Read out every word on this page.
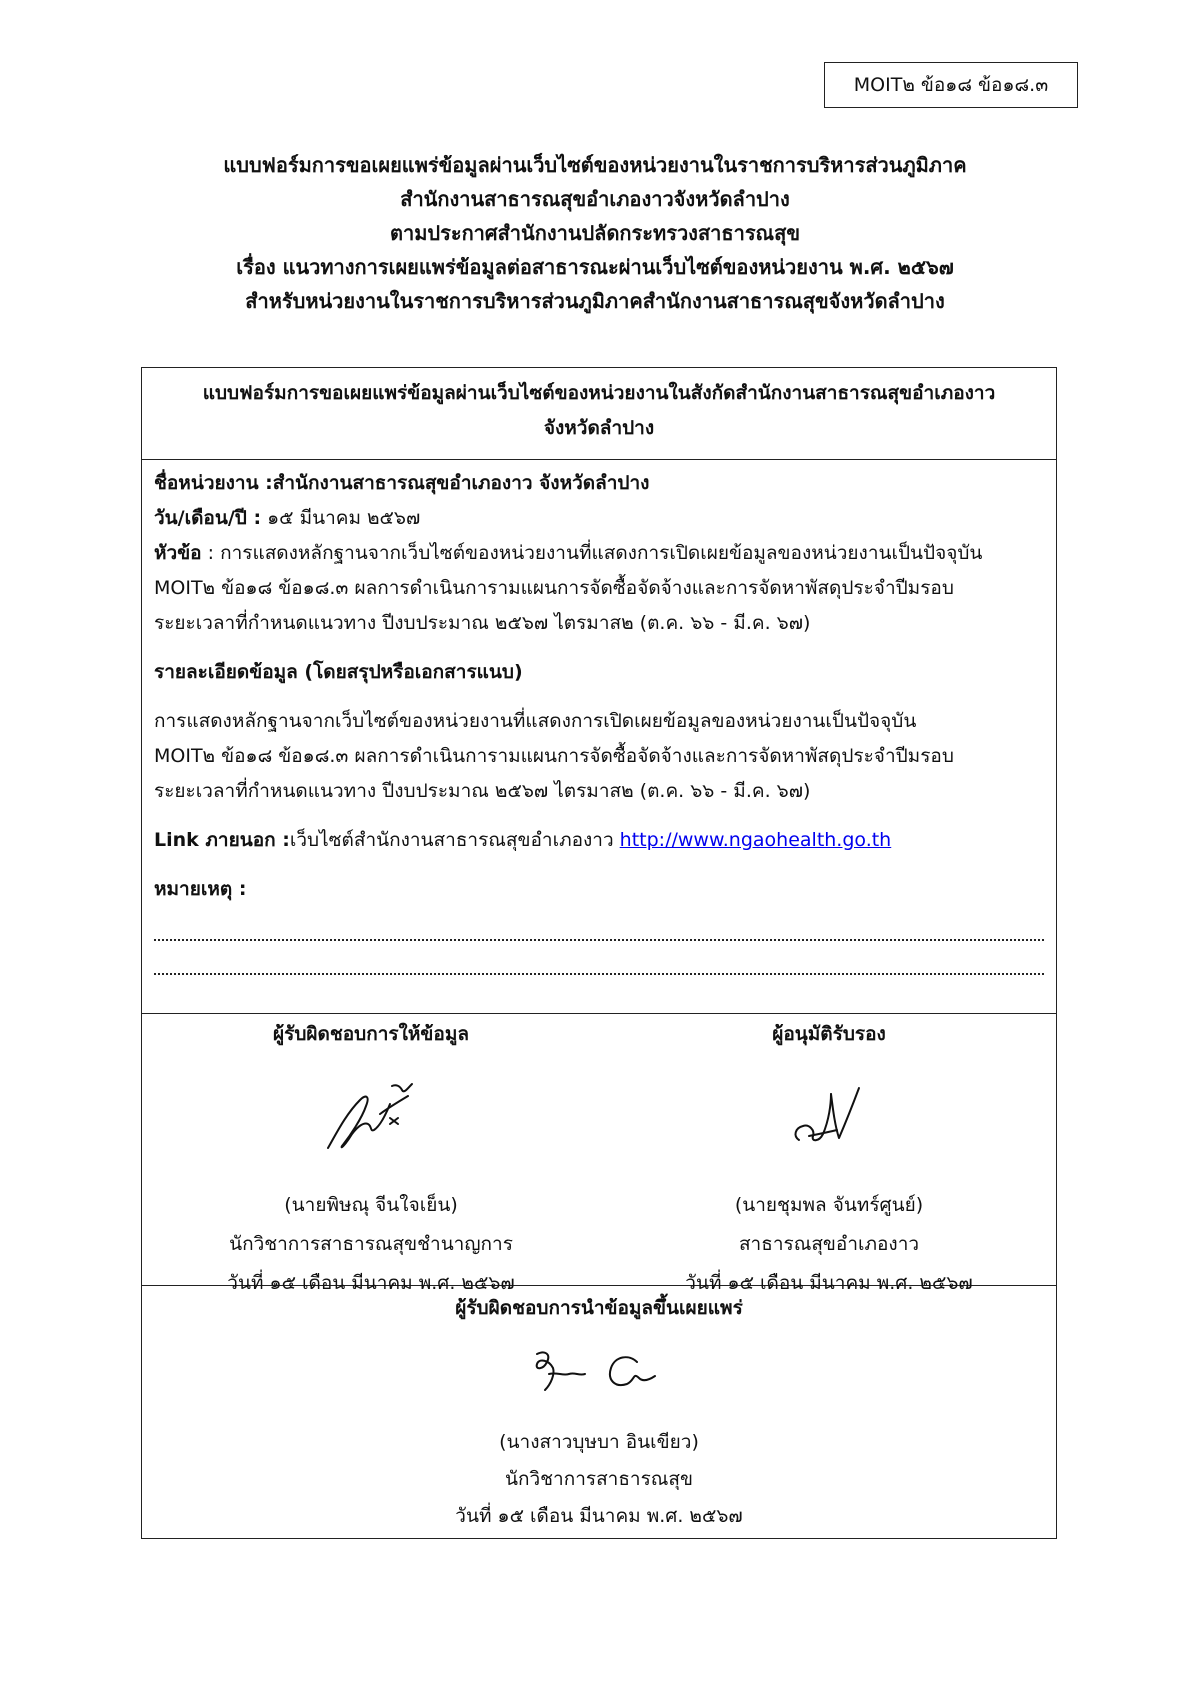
MOIT๒ ข้อ๑๘ ข้อ๑๘.๓
แบบฟอร์มการขอเผยแพร่ข้อมูลผ่านเว็บไซต์ของหน่วยงานในราชการบริหารส่วนภูมิภาค
สำนักงานสาธารณสุขอำเภองาวจังหวัดลำปาง
ตามประกาศสำนักงานปลัดกระทรวงสาธารณสุข
เรื่อง แนวทางการเผยแพร่ข้อมูลต่อสาธารณะผ่านเว็บไซต์ของหน่วยงาน พ.ศ. ๒๕๖๗
สำหรับหน่วยงานในราชการบริหารส่วนภูมิภาคสำนักงานสาธารณสุขจังหวัดลำปาง
แบบฟอร์มการขอเผยแพร่ข้อมูลผ่านเว็บไซต์ของหน่วยงานในสังกัดสำนักงานสาธารณสุขอำเภองาว
จังหวัดลำปาง
ชื่อหน่วยงาน :สำนักงานสาธารณสุขอำเภองาว จังหวัดลำปาง
วัน/เดือน/ปี : ๑๕ มีนาคม ๒๕๖๗
หัวข้อ : การแสดงหลักฐานจากเว็บไซต์ของหน่วยงานที่แสดงการเปิดเผยข้อมูลของหน่วยงานเป็นปัจจุบัน
MOIT๒ ข้อ๑๘ ข้อ๑๘.๓ ผลการดำเนินการามแผนการจัดซื้อจัดจ้างและการจัดหาพัสดุประจำปีมรอบ
ระยะเวลาที่กำหนดแนวทาง ปีงบประมาณ ๒๕๖๗ ไตรมาส๒ (ต.ค. ๖๖ - มี.ค. ๖๗)
รายละเอียดข้อมูล (โดยสรุปหรือเอกสารแนบ)
การแสดงหลักฐานจากเว็บไซต์ของหน่วยงานที่แสดงการเปิดเผยข้อมูลของหน่วยงานเป็นปัจจุบัน
MOIT๒ ข้อ๑๘ ข้อ๑๘.๓ ผลการดำเนินการามแผนการจัดซื้อจัดจ้างและการจัดหาพัสดุประจำปีมรอบ
ระยะเวลาที่กำหนดแนวทาง ปีงบประมาณ ๒๕๖๗ ไตรมาส๒ (ต.ค. ๖๖ - มี.ค. ๖๗)
Link ภายนอก :เว็บไซต์สำนักงานสาธารณสุขอำเภองาว http://www.ngaohealth.go.th
หมายเหตุ :
ผู้รับผิดชอบการให้ข้อมูล
(นายพิษณุ จีนใจเย็น)
นักวิชาการสาธารณสุขชำนาญการ
วันที่ ๑๕ เดือน มีนาคม พ.ศ. ๒๕๖๗
ผู้อนุมัติรับรอง
(นายชุมพล จันทร์ศูนย์)
สาธารณสุขอำเภองาว
วันที่ ๑๕ เดือน มีนาคม พ.ศ. ๒๕๖๗
ผู้รับผิดชอบการนำข้อมูลขึ้นเผยแพร่
(นางสาวบุษบา อินเขียว)
นักวิชาการสาธารณสุข
วันที่ ๑๕ เดือน มีนาคม พ.ศ. ๒๕๖๗
